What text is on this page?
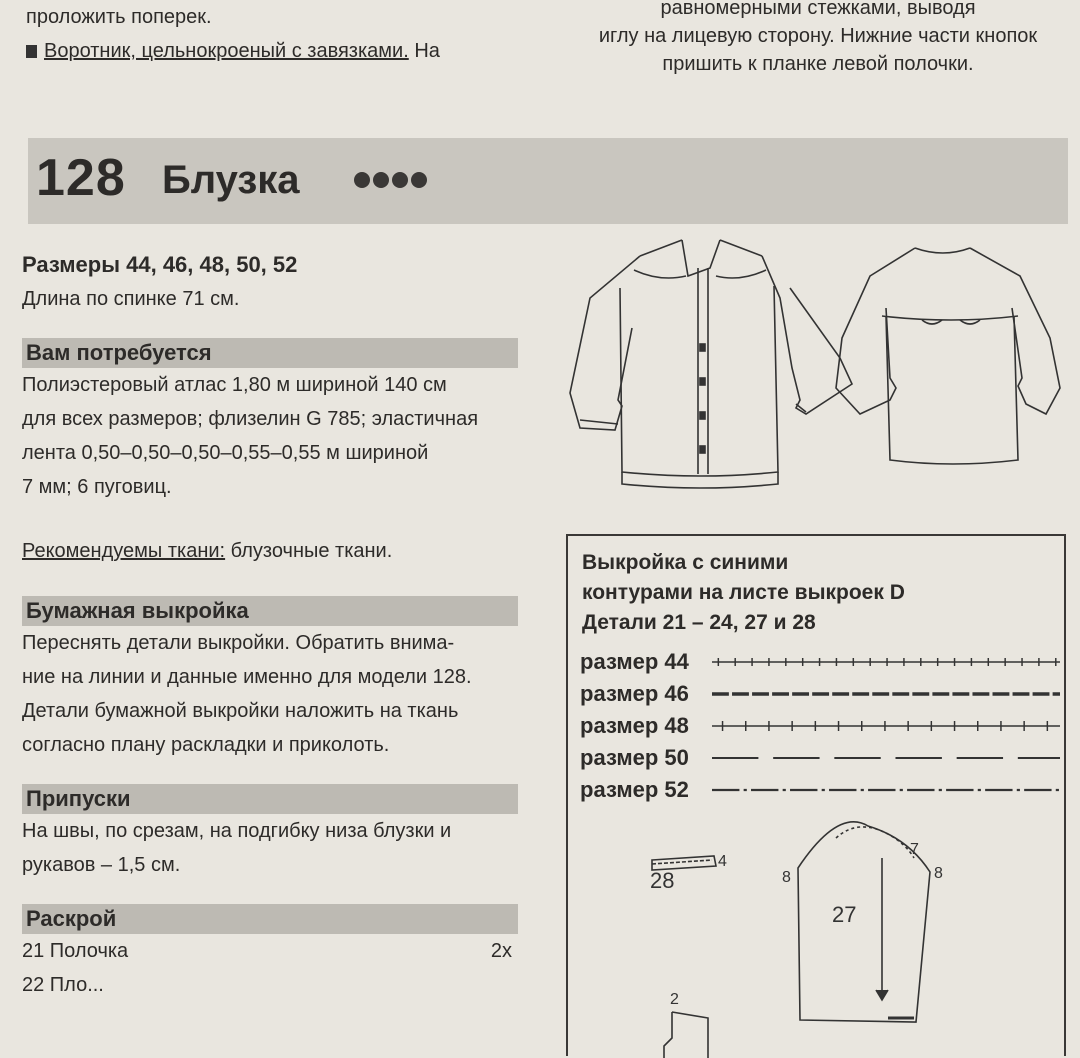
проложить поперек.
Воротник, цельнокроеный с завязками. На
равномерными стежками, выводя
иглу на лицевую сторону. Нижние части кнопок
пришить к планке левой полочки.
128 Блузка
Размеры 44, 46, 48, 50, 52
Длина по спинке 71 см.
Вам потребуется
Полиэстеровый атлас 1,80 м шириной 140 см
для всех размеров; флизелин G 785; эластичная
лента 0,50–0,50–0,50–0,55–0,55 м шириной
7 мм; 6 пуговиц.
Рекомендуемы ткани: блузочные ткани.
Бумажная выкройка
Переснять детали выкройки. Обратить внима-
ние на линии и данные именно для модели 128.
Детали бумажной выкройки наложить на ткань
согласно плану раскладки и приколоть.
Припуски
На швы, по срезам, на подгибку низа блузки и
рукавов – 1,5 см.
Раскрой
21 Полочка	2х
22 Пло...
Выкройка с синими
контурами на листе выкроек D
Детали 21 – 24, 27 и 28
размер 44
размер 46
размер 48
размер 50
размер 52
28
4
27
7
8	8
2
